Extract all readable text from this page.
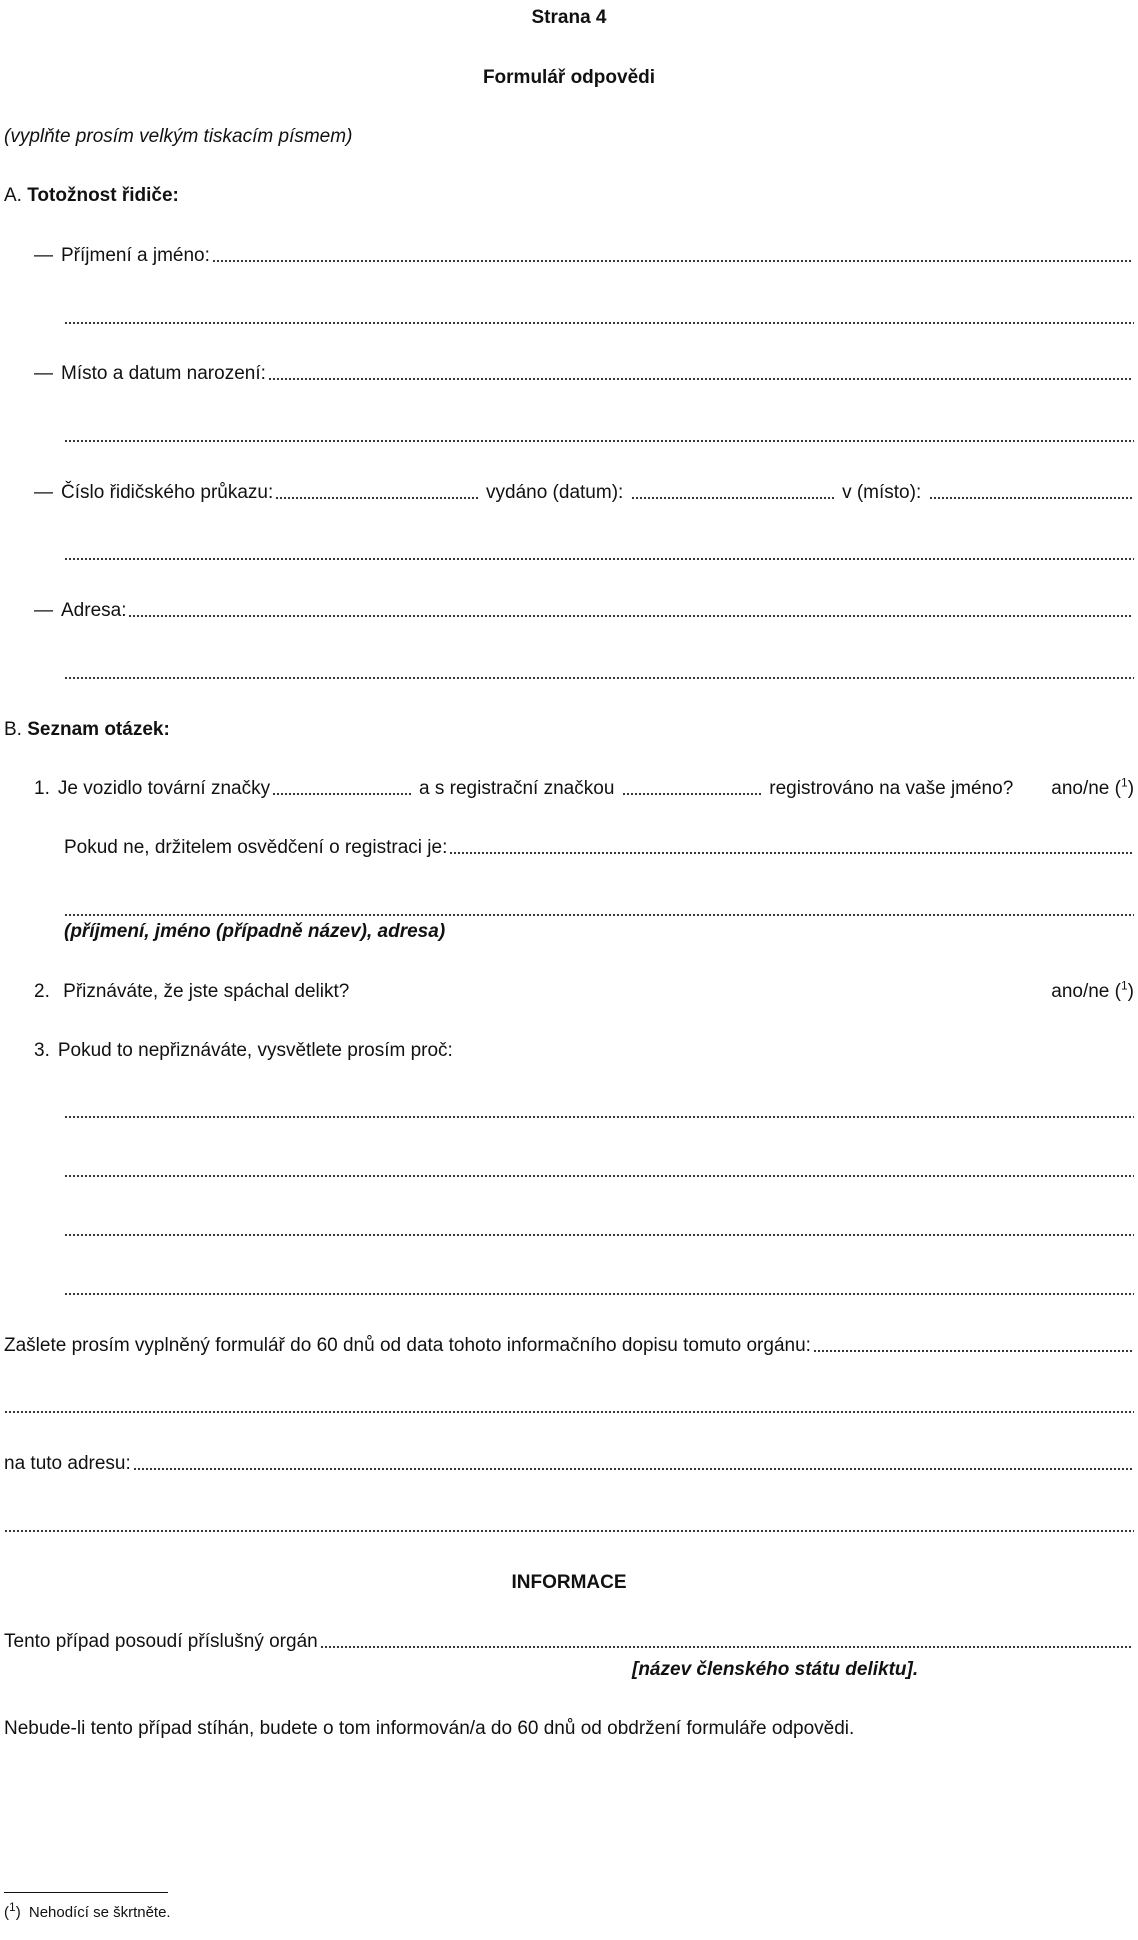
Strana 4
Formulář odpovědi
(vyplňte prosím velkým tiskacím písmem)
A. Totožnost řidiče:
— Příjmení a jméno:
— Místo a datum narození:
— Číslo řidičského průkazu:	vydáno (datum):	v (místo):
— Adresa:
B. Seznam otázek:
1. Je vozidlo tovární značky	a s registrační značkou	registrováno na vaše jméno? ano/ne ($^1$)
Pokud ne, držitelem osvědčení o registraci je:
(příjmení, jméno (případně název), adresa)
2. Přiznáváte, že jste spáchal delikt?	ano/ne ($^1$)
3. Pokud to nepřiznáváte, vysvětlete prosím proč:
Zašlete prosím vyplněný formulář do 60 dnů od data tohoto informačního dopisu tomuto orgánu:
na tuto adresu:
INFORMACE
Tento případ posoudí příslušný orgán
[název členského státu deliktu].
Nebude-li tento případ stíhán, budete o tom informován/a do 60 dnů od obdržení formuláře odpovědi.
($^1$) Nehodící se škrtněte.
